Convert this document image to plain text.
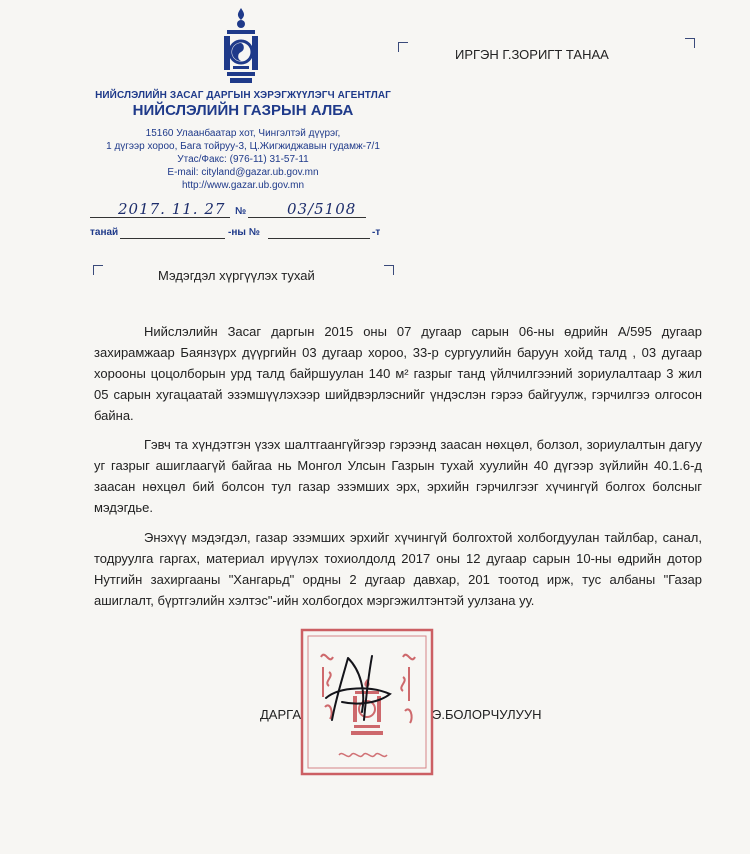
НИЙСЛЭЛИЙН ЗАСАГ ДАРГЫН ХЭРЭГЖҮҮЛЭГЧ АГЕНТЛАГ
НИЙСЛЭЛИЙН ГАЗРЫН АЛБА
15160 Улаанбаатар хот, Чингэлтэй дүүрэг,
1 дүгээр хороо, Бага тойруу-3, Ц.Жигжиджавын гудамж-7/1
Утас/Факс: (976-11) 31-57-11
E-mail: cityland@gazar.ub.gov.mn
http://www.gazar.ub.gov.mn
ИРГЭН Г.ЗОРИГТ ТАНАА
2017. 11. 27 №	03/5108
танай	-ны №	-т
Мэдэгдэл хүргүүлэх тухай
Нийслэлийн Засаг даргын 2015 оны 07 дугаар сарын 06-ны өдрийн А/595 дугаар захирамжаар Баянзүрх дүүргийн 03 дугаар хороо, 33-р сургуулийн баруун хойд талд , 03 дугаар хорооны цоцолборын урд талд байршуулан 140 м² газрыг танд үйлчилгээний зориулалтаар 3 жил 05 сарын хугацаатай эзэмшүүлэхээр шийдвэрлэснийг үндэслэн гэрээ байгуулж, гэрчилгээ олгосон байна.
Гэвч та хүндэтгэн үзэх шалтгаангүйгээр гэрээнд заасан нөхцөл, болзол, зориулалтын дагуу уг газрыг ашиглаагүй байгаа нь Монгол Улсын Газрын тухай хуулийн 40 дүгээр зүйлийн 40.1.6-д заасан нөхцөл бий болсон тул газар эзэмших эрх, эрхийн гэрчилгээг хүчингүй болгох болсныг мэдэгдье.
Энэхүү мэдэгдэл, газар эзэмших эрхийг хүчингүй болгохтой холбогдуулан тайлбар, санал, тодруулга гаргах, материал ирүүлэх тохиолдолд 2017 оны 12 дугаар сарын 10-ны өдрийн дотор Нутгийн захиргааны "Хангарьд" ордны 2 дугаар давхар, 201 тоотод ирж, тус албаны "Газар ашиглалт, бүртгэлийн хэлтэс"-ийн холбогдох мэргэжилтэнтэй уулзана уу.
ДАРГА	Э.БОЛОРЧУЛУУН
